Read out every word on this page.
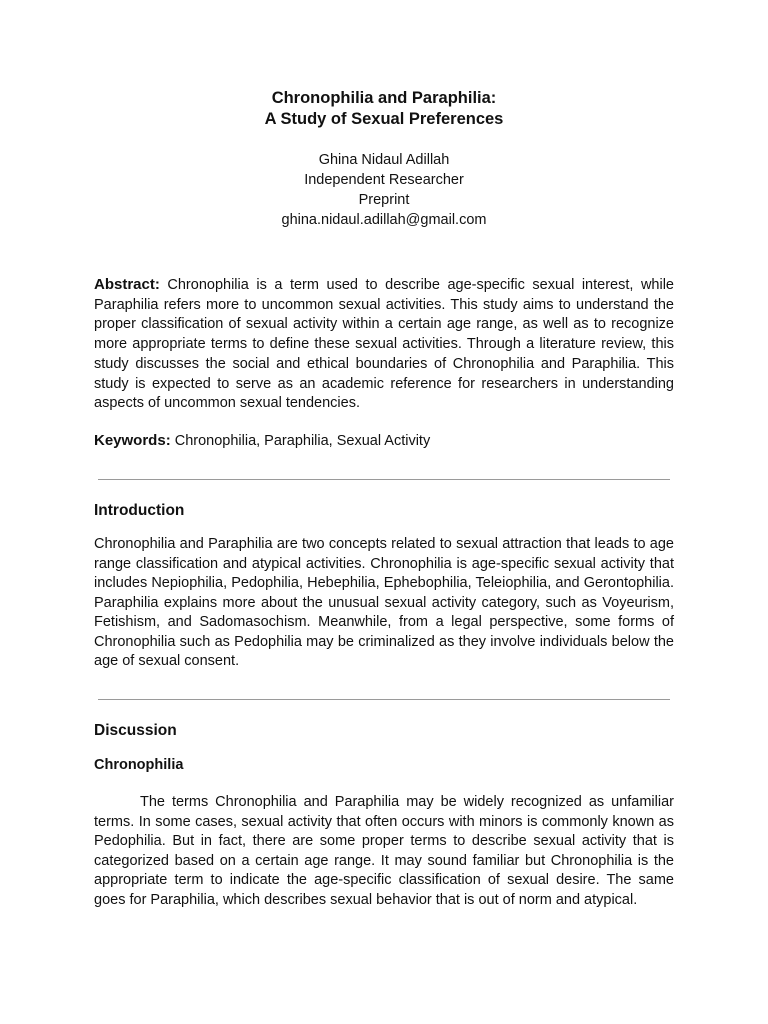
Chronophilia and Paraphilia:
A Study of Sexual Preferences
Ghina Nidaul Adillah
Independent Researcher
Preprint
ghina.nidaul.adillah@gmail.com

Abstract: Chronophilia is a term used to describe age-specific sexual interest, while Paraphilia refers more to uncommon sexual activities. This study aims to understand the proper classification of sexual activity within a certain age range, as well as to recognize more appropriate terms to define these sexual activities. Through a literature review, this study discusses the social and ethical boundaries of Chronophilia and Paraphilia. This study is expected to serve as an academic reference for researchers in understanding aspects of uncommon sexual tendencies.

Keywords: Chronophilia, Paraphilia, Sexual Activity

Introduction

Chronophilia and Paraphilia are two concepts related to sexual attraction that leads to age range classification and atypical activities. Chronophilia is age-specific sexual activity that includes Nepiophilia, Pedophilia, Hebephilia, Ephebophilia, Teleiophilia, and Gerontophilia. Paraphilia explains more about the unusual sexual activity category, such as Voyeurism, Fetishism, and Sadomasochism. Meanwhile, from a legal perspective, some forms of Chronophilia such as Pedophilia may be criminalized as they involve individuals below the age of sexual consent.

Discussion
Chronophilia

The terms Chronophilia and Paraphilia may be widely recognized as unfamiliar terms. In some cases, sexual activity that often occurs with minors is commonly known as Pedophilia. But in fact, there are some proper terms to describe sexual activity that is categorized based on a certain age range. It may sound familiar but Chronophilia is the appropriate term to indicate the age-specific classification of sexual desire. The same goes for Paraphilia, which describes sexual behavior that is out of norm and atypical.
